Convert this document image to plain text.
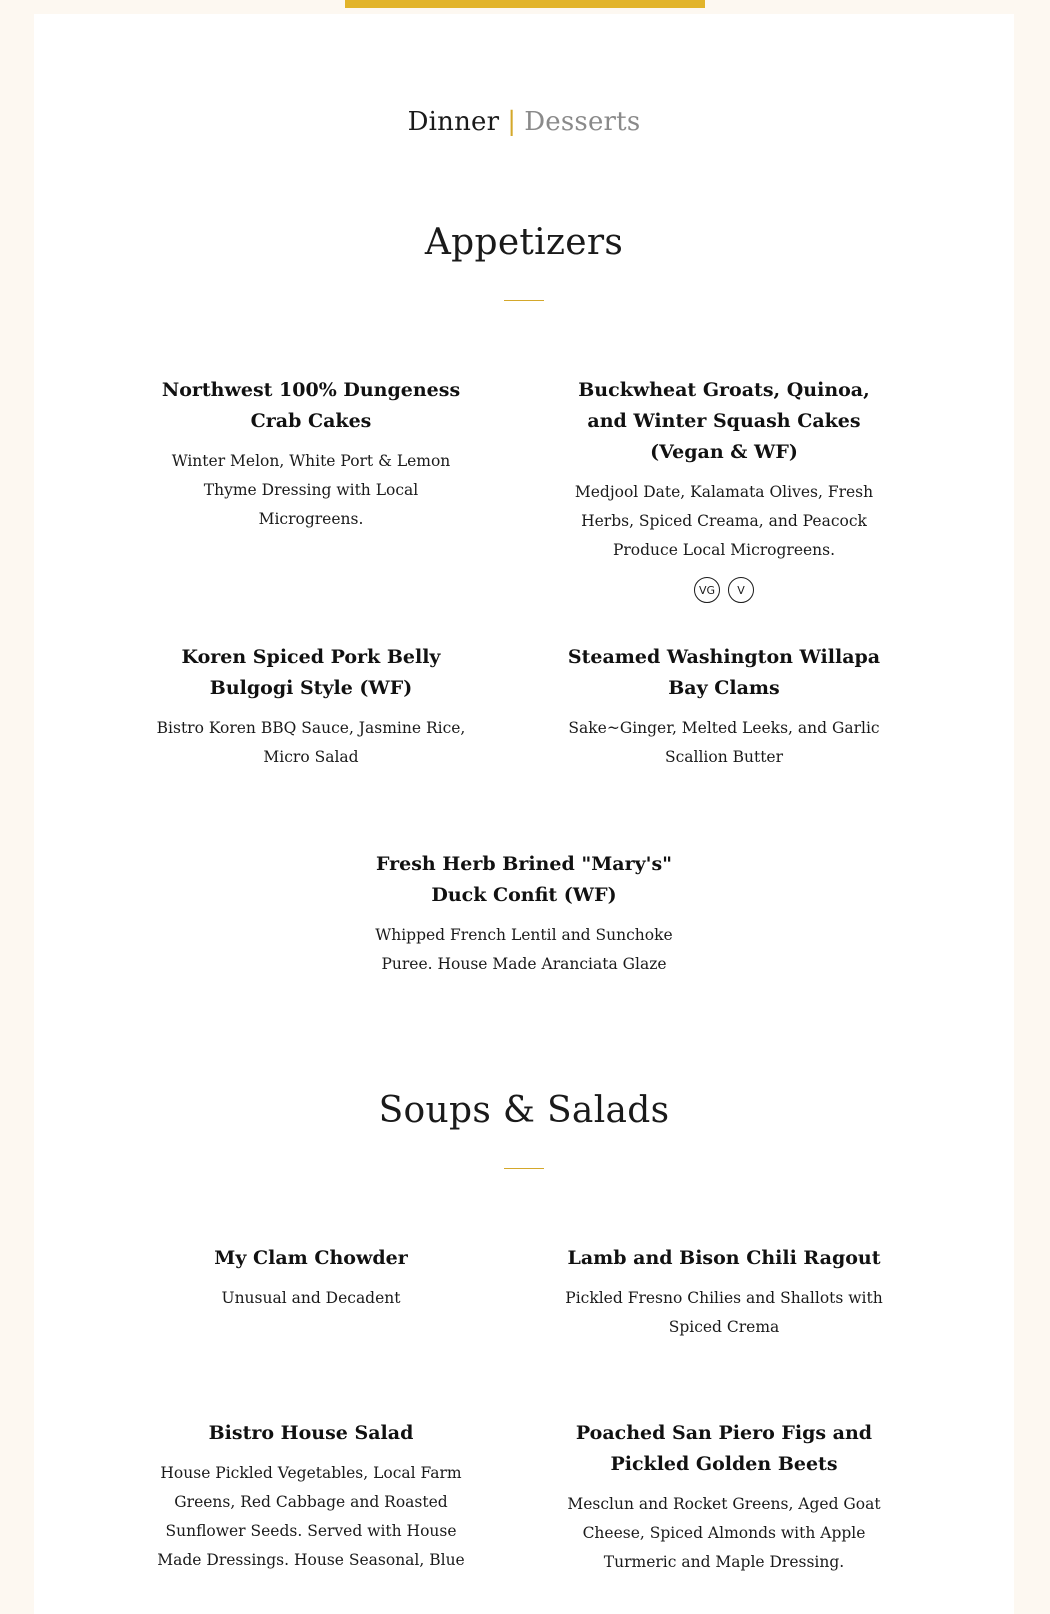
Dinner | Desserts
Appetizers
Northwest 100% Dungeness Crab Cakes

Winter Melon, White Port & Lemon Thyme Dressing with Local Microgreens.

Buckwheat Groats, Quinoa, and Winter Squash Cakes (Vegan & WF)

Medjool Date, Kalamata Olives, Fresh Herbs, Spiced Creama, and Peacock Produce Local Microgreens.

VG	V
Koren Spiced Pork Belly Bulgogi Style (WF)

Bistro Koren BBQ Sauce, Jasmine Rice, Micro Salad

Steamed Washington Willapa Bay Clams

Sake~Ginger, Melted Leeks, and Garlic Scallion Butter

Fresh Herb Brined "Mary's" Duck Confit (WF)

Whipped French Lentil and Sunchoke Puree. House Made Aranciata Glaze

Soups & Salads
My Clam Chowder

Unusual and Decadent

Lamb and Bison Chili Ragout

Pickled Fresno Chilies and Shallots with Spiced Crema

Bistro House Salad

House Pickled Vegetables, Local Farm Greens, Red Cabbage and Roasted Sunflower Seeds. Served with House Made Dressings. House Seasonal, Blue

Poached San Piero Figs and Pickled Golden Beets

Mesclun and Rocket Greens, Aged Goat Cheese, Spiced Almonds with Apple Turmeric and Maple Dressing.
